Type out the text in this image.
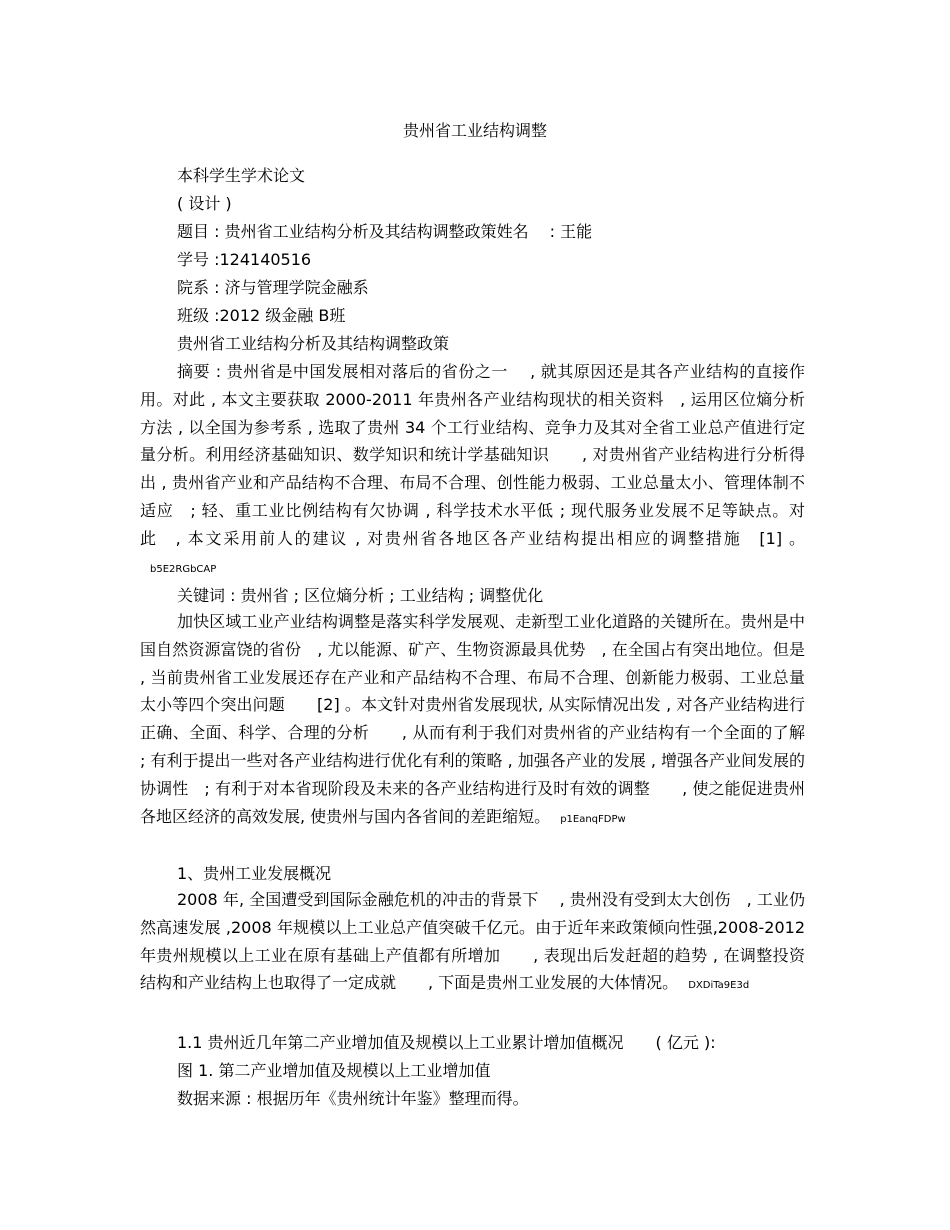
贵州省工业结构调整
本科学生学术论文
( 设计 )
题目 : 贵州省工业结构分析及其结构调整政策姓名 　: 王能
学号 :124140516
院系 : 济与管理学院金融系
班级 :2012 级金融 B班
贵州省工业结构分析及其结构调整政策
摘要 : 贵州省是中国发展相对落后的省份之一　 , 就其原因还是其各产业结构的直接作用。对此 , 本文主要获取 2000-2011 年贵州各产业结构现状的相关资料　, 运用区位熵分析方法 , 以全国为参考系 , 选取了贵州 34 个工行业结构、竞争力及其对全省工业总产值进行定量分析。利用经济基础知识、数学知识和统计学基础知识　　, 对贵州省产业结构进行分析得出 , 贵州省产业和产品结构不合理、布局不合理、创性能力极弱、工业总量太小、管理体制不适应　; 轻、重工业比例结构有欠协调 , 科学技术水平低 ; 现代服务业发展不足等缺点。对此　, 本文采用前人的建议 , 对贵州省各地区各产业结构提出相应的调整措施　[1] 。b5E2RGbCAP
关键词 : 贵州省 ; 区位熵分析 ; 工业结构 ; 调整优化
加快区域工业产业结构调整是落实科学发展观、走新型工业化道路的关键所在。贵州是中国自然资源富饶的省份　, 尤以能源、矿产、生物资源最具优势　, 在全国占有突出地位。但是 , 当前贵州省工业发展还存在产业和产品结构不合理、布局不合理、创新能力极弱、工业总量太小等四个突出问题　　[2] 。本文针对贵州省发展现状, 从实际情况出发 , 对各产业结构进行正确、全面、科学、合理的分析　　, 从而有利于我们对贵州省的产业结构有一个全面的了解　 ; 有利于提出一些对各产业结构进行优化有利的策略 , 加强各产业的发展 , 增强各产业间发展的协调性　; 有利于对本省现阶段及未来的各产业结构进行及时有效的调整　　, 使之能促进贵州各地区经济的高效发展, 使贵州与国内各省间的差距缩短。 p1EanqFDPw
1、贵州工业发展概况
2008 年, 全国遭受到国际金融危机的冲击的背景下　 , 贵州没有受到太大创伤　, 工业仍然高速发展 ,2008 年规模以上工业总产值突破千亿元。由于近年来政策倾向性强,2008-2012 年贵州规模以上工业在原有基础上产值都有所增加　　, 表现出后发赶超的趋势 , 在调整投资结构和产业结构上也取得了一定成就　　, 下面是贵州工业发展的大体情况。 DXDiTa9E3d
1.1 贵州近几年第二产业增加值及规模以上工业累计增加值概况　　( 亿元 ):
图 1. 第二产业增加值及规模以上工业增加值
数据来源 : 根据历年《贵州统计年鉴》整理而得。
